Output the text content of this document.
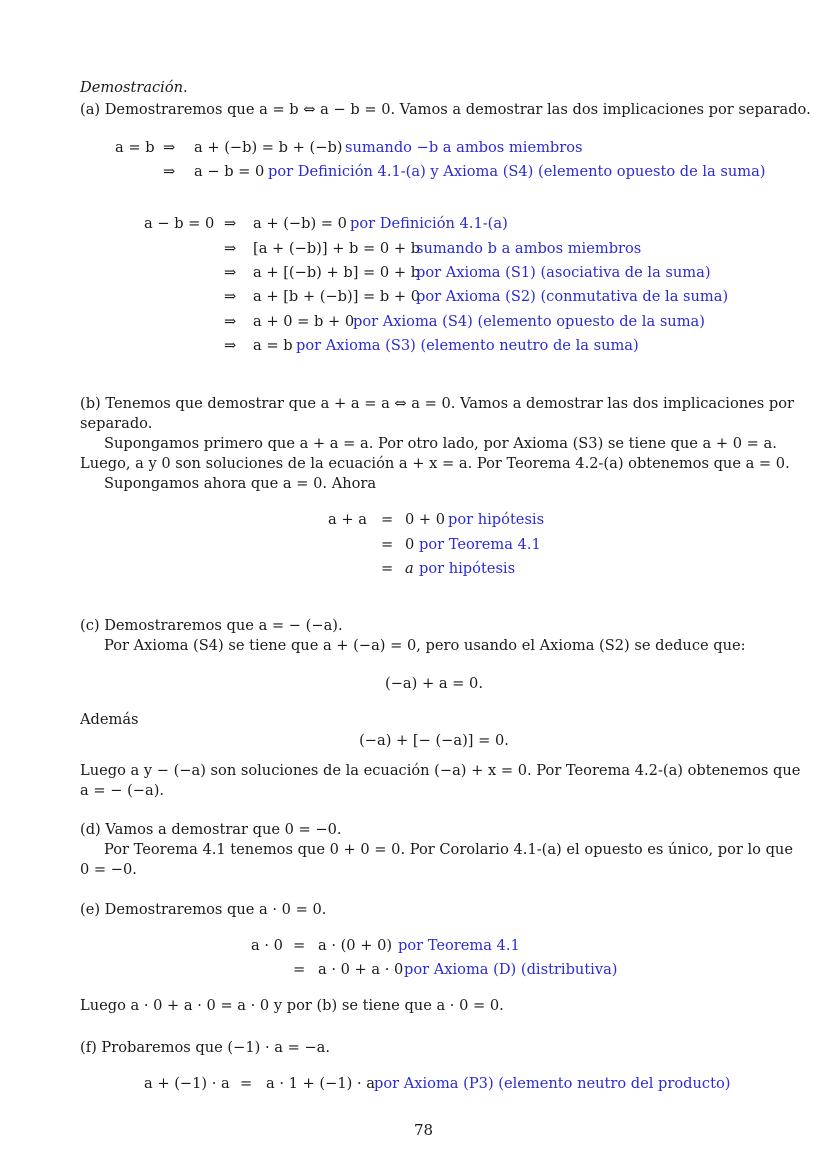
Demostración.
(a) Demostraremos que a = b ⇔ a − b = 0. Vamos a demostrar las dos implicaciones por separado.
a = b ⇒ a + (−b) = b + (−b) sumando −b a ambos miembros
⇒ a − b = 0 por Definición 4.1-(a) y Axioma (S4) (elemento opuesto de la suma)
a − b = 0 ⇒ a + (−b) = 0 por Definición 4.1-(a)
⇒ [a + (−b)] + b = 0 + b
sumando b a ambos miembros
⇒ a + [(−b) + b] = 0 + b
por Axioma (S1) (asociativa de la suma)
⇒ a + [b + (−b)] = b + 0
por Axioma (S2) (conmutativa de la suma)
⇒ a + 0 = b + 0
por Axioma (S4) (elemento opuesto de la suma)
⇒ a = b por Axioma (S3) (elemento neutro de la suma)
(b) Tenemos que demostrar que a + a = a ⇔ a = 0. Vamos a demostrar las dos implicaciones por
separado.
Supongamos primero que a + a = a. Por otro lado, por Axioma (S3) se tiene que a + 0 = a.
Luego, a y 0 son soluciones de la ecuación a + x = a. Por Teorema 4.2-(a) obtenemos que a = 0.
Supongamos ahora que a = 0. Ahora
a + a = 0 + 0 por hipótesis
= 0 por Teorema 4.1
= a por hipótesis
(c) Demostraremos que a = − (−a).
Por Axioma (S4) se tiene que a + (−a) = 0, pero usando el Axioma (S2) se deduce que:
(−a) + a = 0.
Además
(−a) + [− (−a)] = 0.
Luego a y − (−a) son soluciones de la ecuación (−a) + x = 0. Por Teorema 4.2-(a) obtenemos que
a = − (−a).
(d) Vamos a demostrar que 0 = −0.
Por Teorema 4.1 tenemos que 0 + 0 = 0. Por Corolario 4.1-(a) el opuesto es único, por lo que
0 = −0.
(e) Demostraremos que a · 0 = 0.
a · 0 = a · (0 + 0) por Teorema 4.1
= a · 0 + a · 0 por Axioma (D) (distributiva)
Luego a · 0 + a · 0 = a · 0 y por (b) se tiene que a · 0 = 0.
(f) Probaremos que (−1) · a = −a.
a + (−1) · a = a · 1 + (−1) · a por Axioma (P3) (elemento neutro del producto)
78
